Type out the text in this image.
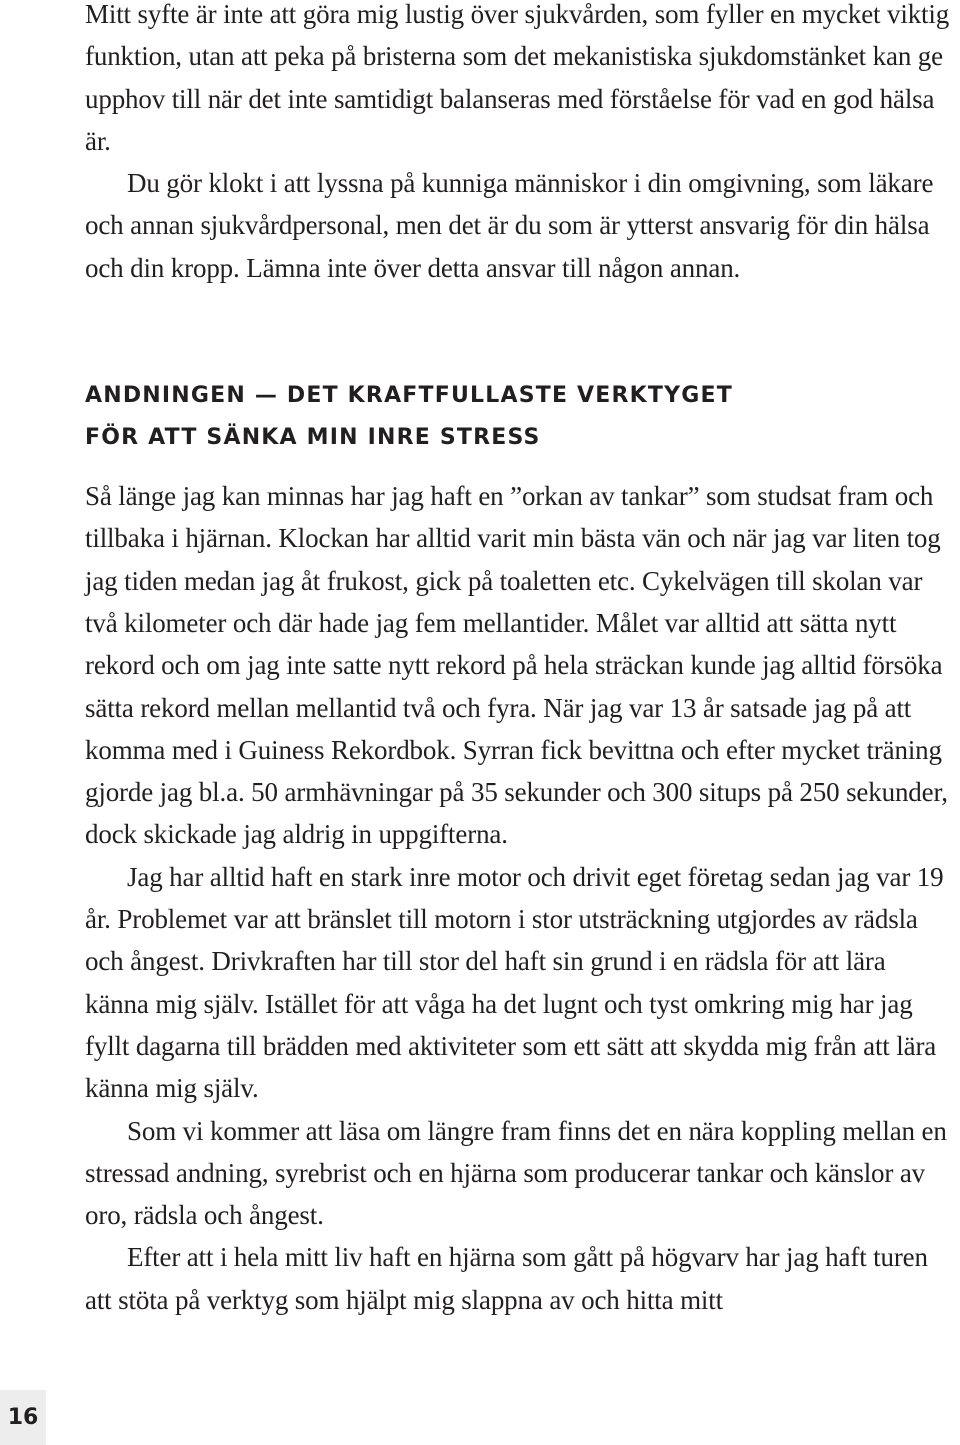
Mitt syfte är inte att göra mig lustig över sjukvården, som fyller en mycket viktig funktion, utan att peka på bristerna som det mekanistiska sjukdomstänket kan ge upphov till när det inte samtidigt balanseras med förståelse för vad en god hälsa är.

Du gör klokt i att lyssna på kunniga människor i din omgivning, som läkare och annan sjukvårdpersonal, men det är du som är ytterst ansvarig för din hälsa och din kropp. Lämna inte över detta ansvar till någon annan.

ANDNINGEN — DET KRAFTFULLASTE VERKTYGET

FÖR ATT SÄNKA MIN INRE STRESS

Så länge jag kan minnas har jag haft en ”orkan av tankar” som studsat fram och tillbaka i hjärnan. Klockan har alltid varit min bästa vän och när jag var liten tog jag tiden medan jag åt frukost, gick på toaletten etc. Cykelvägen till skolan var två kilometer och där hade jag fem mellantider. Målet var alltid att sätta nytt rekord och om jag inte satte nytt rekord på hela sträckan kunde jag alltid försöka sätta rekord mellan mellantid två och fyra. När jag var 13 år satsade jag på att komma med i Guiness Rekordbok. Syrran fick bevittna och efter mycket träning gjorde jag bl.a. 50 armhävningar på 35 sekunder och 300 situps på 250 sekunder, dock skickade jag aldrig in uppgifterna.

Jag har alltid haft en stark inre motor och drivit eget företag sedan jag var 19 år. Problemet var att bränslet till motorn i stor utsträckning utgjordes av rädsla och ångest. Drivkraften har till stor del haft sin grund i en rädsla för att lära känna mig själv. Istället för att våga ha det lugnt och tyst omkring mig har jag fyllt dagarna till brädden med aktiviteter som ett sätt att skydda mig från att lära känna mig själv.

Som vi kommer att läsa om längre fram finns det en nära koppling mellan en stressad andning, syrebrist och en hjärna som producerar tankar och känslor av oro, rädsla och ångest.

Efter att i hela mitt liv haft en hjärna som gått på högvarv har jag haft turen att stöta på verktyg som hjälpt mig slappna av och hitta mitt

16
